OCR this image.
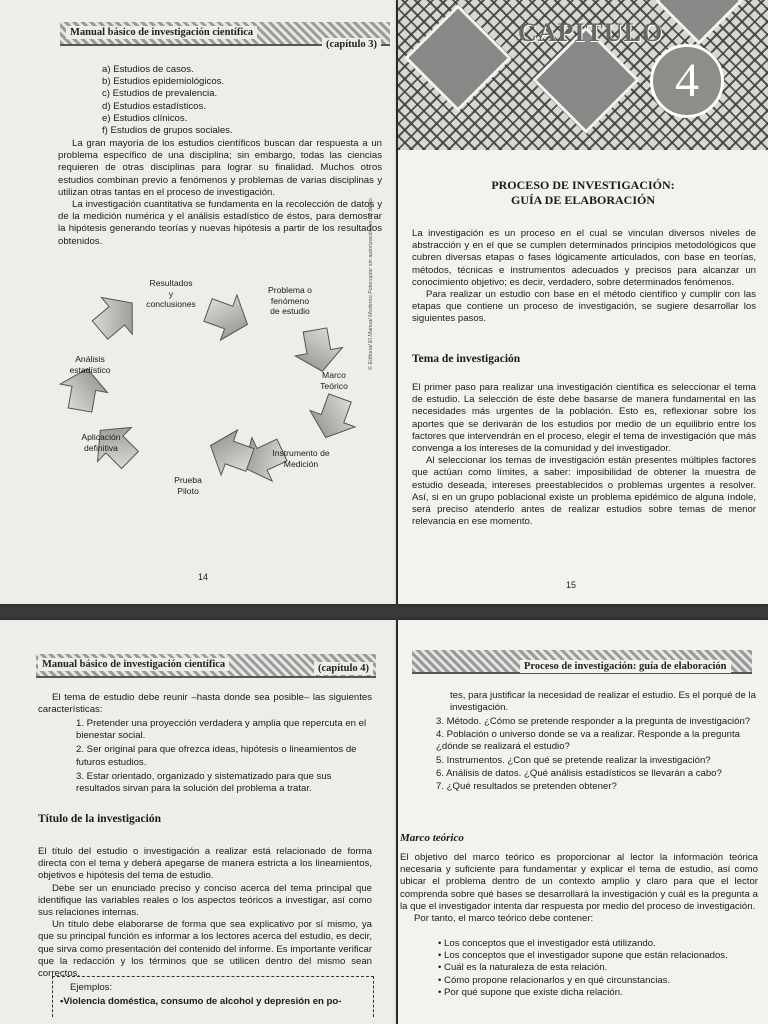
Manual básico de investigación científica
(capítulo 3)
a) Estudios de casos.
b) Estudios epidemiológicos.
c) Estudios de prevalencia.
d) Estudios estadísticos.
e) Estudios clínicos.
f) Estudios de grupos sociales.

La gran mayoría de los estudios científicos buscan dar respuesta a un problema específico de una disciplina; sin embargo, todas las ciencias requieren de otras disciplinas para lograr su finalidad. Muchos otros estudios combinan previo a fenómenos y problemas de varias disciplinas y utilizan otras tantas en el proceso de investigación.

La investigación cuantitativa se fundamenta en la recolección de datos y de la medición numérica y el análisis estadístico de éstos, para demostrar la hipótesis generando teorías y nuevas hipótesis a partir de los resultados obtenidos.

Resultados
y
conclusiones
Problema o
fenómeno
de estudio
Marco
Teórico
Instrumento de
Medición
Prueba
Piloto
Aplicación
definitiva
Análisis
estadístico	© Editorial El Manual Moderno Fotocopiar sin autorización es un delito.
14
CAPÍTULO
4
PROCESO DE INVESTIGACIÓN:
GUÍA DE ELABORACIÓN

La investigación es un proceso en el cual se vinculan diversos niveles de abstracción y en el que se cumplen determinados principios metodológicos que cubren diversas etapas o fases lógicamente articulados, con base en teorías, métodos, técnicas e instrumentos adecuados y precisos para alcanzar un conocimiento objetivo; es decir, verdadero, sobre determinados fenómenos.

Para realizar un estudio con base en el método científico y cumplir con las etapas que contiene un proceso de investigación, se sugiere desarrollar los siguientes pasos.

Tema de investigación

El primer paso para realizar una investigación científica es seleccionar el tema de estudio. La selección de éste debe basarse de manera fundamental en las necesidades más urgentes de la población. Esto es, reflexionar sobre los aportes que se derivarán de los estudios por medio de un equilibrio entre los factores que intervendrán en el proceso, elegir el tema de investigación que más convenga a los intereses de la comunidad y del investigador.

Al seleccionar los temas de investigación están presentes múltiples factores que actúan como límites, a saber: imposibilidad de obtener la muestra de estudio deseada, intereses preestablecidos o problemas urgentes a resolver. Así, si en un grupo poblacional existe un problema epidémico de alguna índole, será preciso atenderlo antes de realizar estudios sobre temas de menor relevancia en ese momento.

15
Manual básico de investigación científica	(capítulo 4)

El tema de estudio debe reunir –hasta donde sea posible– las siguientes características:

1. Pretender una proyección verdadera y amplia que repercuta en el bienestar social.
2. Ser original para que ofrezca ideas, hipótesis o lineamientos de futuros estudios.
3. Estar orientado, organizado y sistematizado para que sus resultados sirvan para la solución del problema a tratar.
Título de la investigación

El título del estudio o investigación a realizar está relacionado de forma directa con el tema y deberá apegarse de manera estricta a los lineamientos, objetivos e hipótesis del tema de estudio.

Debe ser un enunciado preciso y conciso acerca del tema principal que identifique las variables reales o los aspectos teóricos a investigar, así como sus relaciones internas.

Un título debe elaborarse de forma que sea explicativo por sí mismo, ya que su principal función es informar a los lectores acerca del estudio, es decir, que sirva como presentación del contenido del informe. Es importante verificar que la redacción y los términos que se utilicen dentro del mismo sean correctos.

Ejemplos:
•Violencia doméstica, consumo de alcohol y depresión en po-
Proceso de investigación: guía de elaboración

tes, para justificar la necesidad de realizar el estudio. Es el porqué de la investigación.

3. Método. ¿Cómo se pretende responder a la pregunta de investigación?
4. Población o universo donde se va a realizar. Responde a la pregunta ¿dónde se realizará el estudio?
5. Instrumentos. ¿Con qué se pretende realizar la investigación?
6. Análisis de datos. ¿Qué análisis estadísticos se llevarán a cabo?
7. ¿Qué resultados se pretenden obtener?
Marco teórico

El objetivo del marco teórico es proporcionar al lector la información teórica necesaria y suficiente para fundamentar y explicar el tema de estudio, así como ubicar el problema dentro de un contexto amplio y claro para que el lector comprenda sobre qué bases se desarrollará la investigación y cuál es la pregunta a la que el investigador intenta dar respuesta por medio del proceso de investigación.

Por tanto, el marco teórico debe contener:

• Los conceptos que el investigador está utilizando.
• Los conceptos que el investigador supone que están relacionados.
• Cuál es la naturaleza de esta relación.
• Cómo propone relacionarlos y en qué circunstancias.
• Por qué supone que existe dicha relación.
